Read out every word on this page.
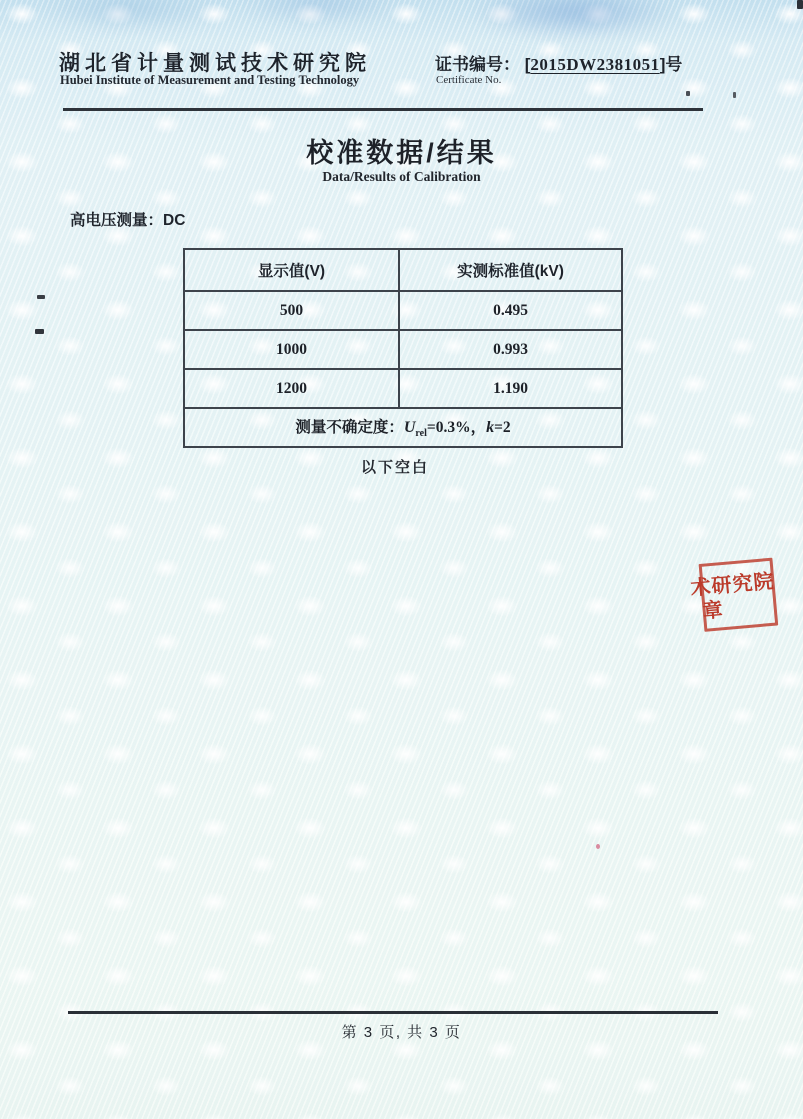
湖北省计量测试技术研究院
Hubei Institute of Measurement and Testing Technology
证书编号： [2015DW2381051]号
Certificate No.
校准数据/结果
Data/Results of Calibration
高电压测量：DC
显示值(V)	实测标准值(kV)
500	0.495
1000	0.993
1200	1.190
测量不确定度：$U_{rel}=0.3\%$，k=2	
以下空白
术研究院
章
第 3 页, 共 3 页
